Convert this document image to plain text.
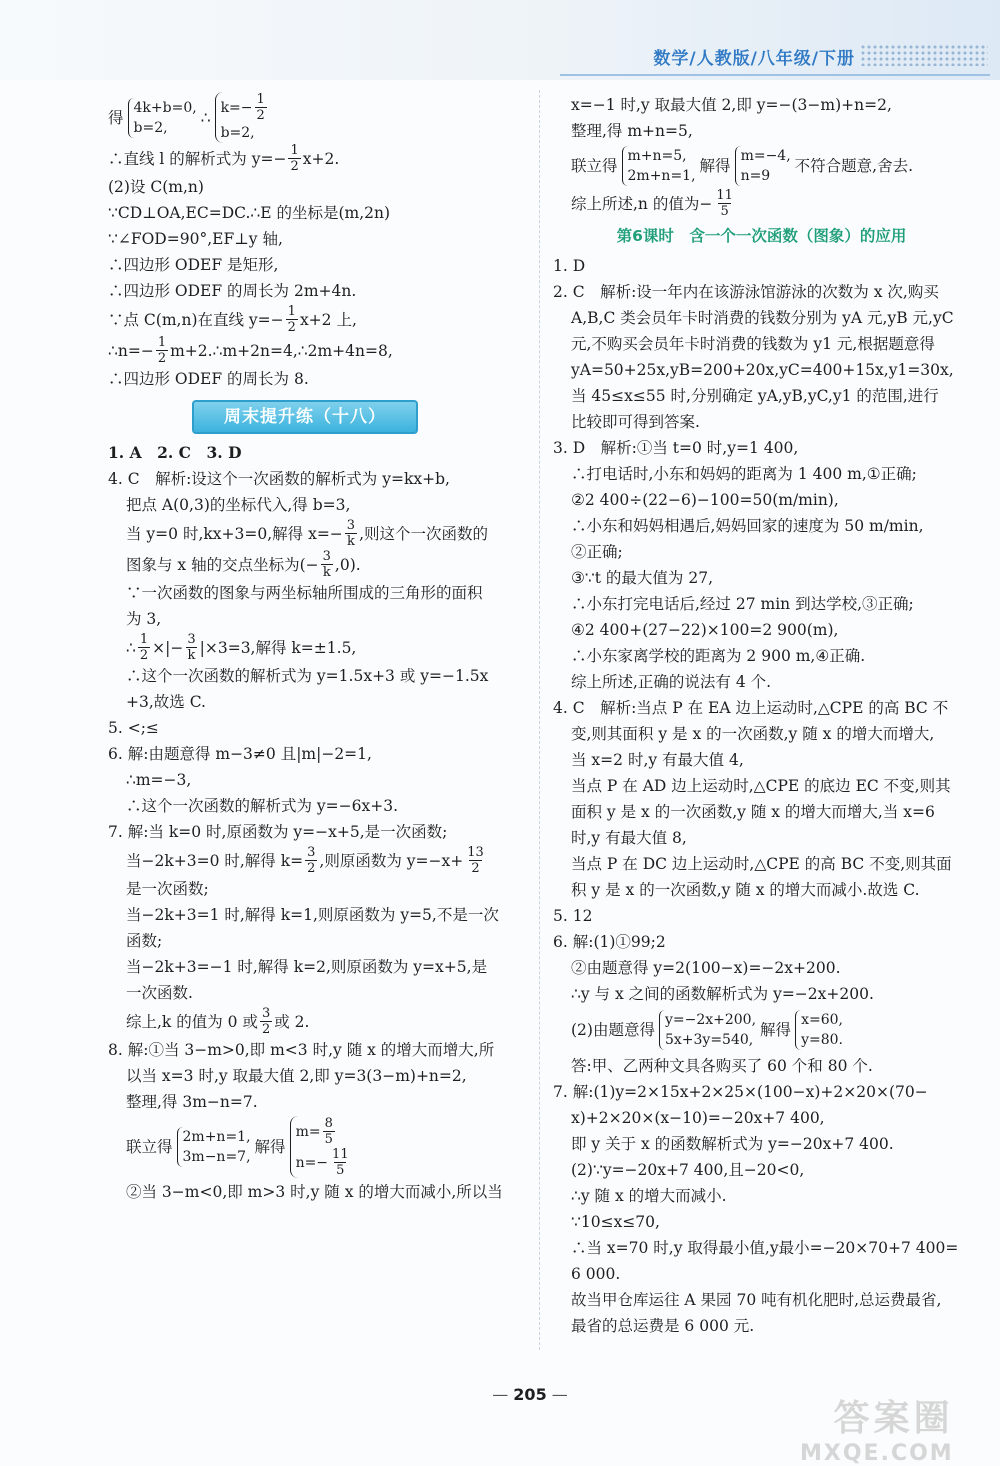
数学/人教版/八年级/下册
得
4k+b=0,
b=2,
∴
$k=- \frac{1}{2}$
b=2,
∴直线 l 的解析式为 $y=- \frac{1}{2} x+2$.
(2)设 C(m,n)
∵CD⊥OA,EC=DC.∴E 的坐标是(m,2n)
∵∠FOD=90°,EF⊥y 轴,
∴四边形 ODEF 是矩形,
∴四边形 ODEF 的周长为 2m+4n.
∵点 C(m,n)在直线 $y=- \frac{1}{2} x+2$ 上,
∴n=− $\frac{1}{2}$ m+2.∴m+2n=4,∴2m+4n=8,
∴四边形 ODEF 的周长为 8.
周末提升练（十八）
1. A　2. C　3. D
4. C　解析:设这个一次函数的解析式为 y=kx+b,
把点 A(0,3)的坐标代入,得 b=3,
当 y=0 时,kx+3=0,解得 $x=- \frac{3}{k}$ ,则这个一次函数的
图象与 x 轴的交点坐标为(− $\frac{3}{k} ,0$).
∵一次函数的图象与两坐标轴所围成的三角形的面积
为 3,
∴ $\frac{1}{2}$ ×|− $\frac{3}{k} |\times 3=3$,解得 k=±1.5,
∴这个一次函数的解析式为 y=1.5x+3 或 y=−1.5x
+3,故选 C.
5. <;≤
6. 解:由题意得 m−3≠0 且|m|−2=1,
∴m=−3,
∴这个一次函数的解析式为 y=−6x+3.
7. 解:当 k=0 时,原函数为 y=−x+5,是一次函数;
当−2k+3=0 时,解得 $k= \frac{3}{2}$ ,则原函数为 $y=-x+ \frac{13}{2}$
是一次函数;
当−2k+3=1 时,解得 k=1,则原函数为 y=5,不是一次
函数;
当−2k+3=−1 时,解得 k=2,则原函数为 y=x+5,是
一次函数.
综上,k 的值为 0 或 $\frac{3}{2}$ 或 2.
8. 解:①当 3−m>0,即 m<3 时,y 随 x 的增大而增大,所
以当 x=3 时,y 取最大值 2,即 y=3(3−m)+n=2,
整理,得 3m−n=7.
联立得
2m+n=1,
3m−n=7,
解得
$m= \frac{8}{5}$
$n=- \frac{11}{5}$
②当 3−m<0,即 m>3 时,y 随 x 的增大而减小,所以当
x=−1 时,y 取最大值 2,即 y=−(3−m)+n=2,
整理,得 m+n=5,
联立得
m+n=5,
2m+n=1,
解得
m=−4,
n=9
不符合题意,舍去.
综上所述,n 的值为− $\frac{11}{5}$
第6课时　含一个一次函数（图象）的应用
1. D
2. C　解析:设一年内在该游泳馆游泳的次数为 x 次,购买
A,B,C 类会员年卡时消费的钱数分别为 yA 元,yB 元,yC
元,不购买会员年卡时消费的钱数为 y1 元,根据题意得
yA=50+25x,yB=200+20x,yC=400+15x,y1=30x,
当 45≤x≤55 时,分别确定 yA,yB,yC,y1 的范围,进行
比较即可得到答案.
3. D　解析:①当 t=0 时,y=1 400,
∴打电话时,小东和妈妈的距离为 1 400 m,①正确;
②2 400÷(22−6)−100=50(m/min),
∴小东和妈妈相遇后,妈妈回家的速度为 50 m/min,
②正确;
③∵t 的最大值为 27,
∴小东打完电话后,经过 27 min 到达学校,③正确;
④2 400+(27−22)×100=2 900(m),
∴小东家离学校的距离为 2 900 m,④正确.
综上所述,正确的说法有 4 个.
4. C　解析:当点 P 在 EA 边上运动时,△CPE 的高 BC 不
变,则其面积 y 是 x 的一次函数,y 随 x 的增大而增大,
当 x=2 时,y 有最大值 4,
当点 P 在 AD 边上运动时,△CPE 的底边 EC 不变,则其
面积 y 是 x 的一次函数,y 随 x 的增大而增大,当 x=6
时,y 有最大值 8,
当点 P 在 DC 边上运动时,△CPE 的高 BC 不变,则其面
积 y 是 x 的一次函数,y 随 x 的增大而减小.故选 C.
5. 12
6. 解:(1)①99;2
②由题意得 y=2(100−x)=−2x+200.
∴y 与 x 之间的函数解析式为 y=−2x+200.
(2)由题意得
y=−2x+200,
5x+3y=540,
解得
x=60,
y=80.
答:甲、乙两种文具各购买了 60 个和 80 个.
7. 解:(1)y=2×15x+2×25×(100−x)+2×20×(70−
x)+2×20×(x−10)=−20x+7 400,
即 y 关于 x 的函数解析式为 y=−20x+7 400.
(2)∵y=−20x+7 400,且−20<0,
∴y 随 x 的增大而减小.
∵10≤x≤70,
∴当 x=70 时,y 取得最小值,y最小=−20×70+7 400=
6 000.
故当甲仓库运往 A 果园 70 吨有机化肥时,总运费最省,
最省的总运费是 6 000 元.
— 205 —
答案圈
MXQE.COM
